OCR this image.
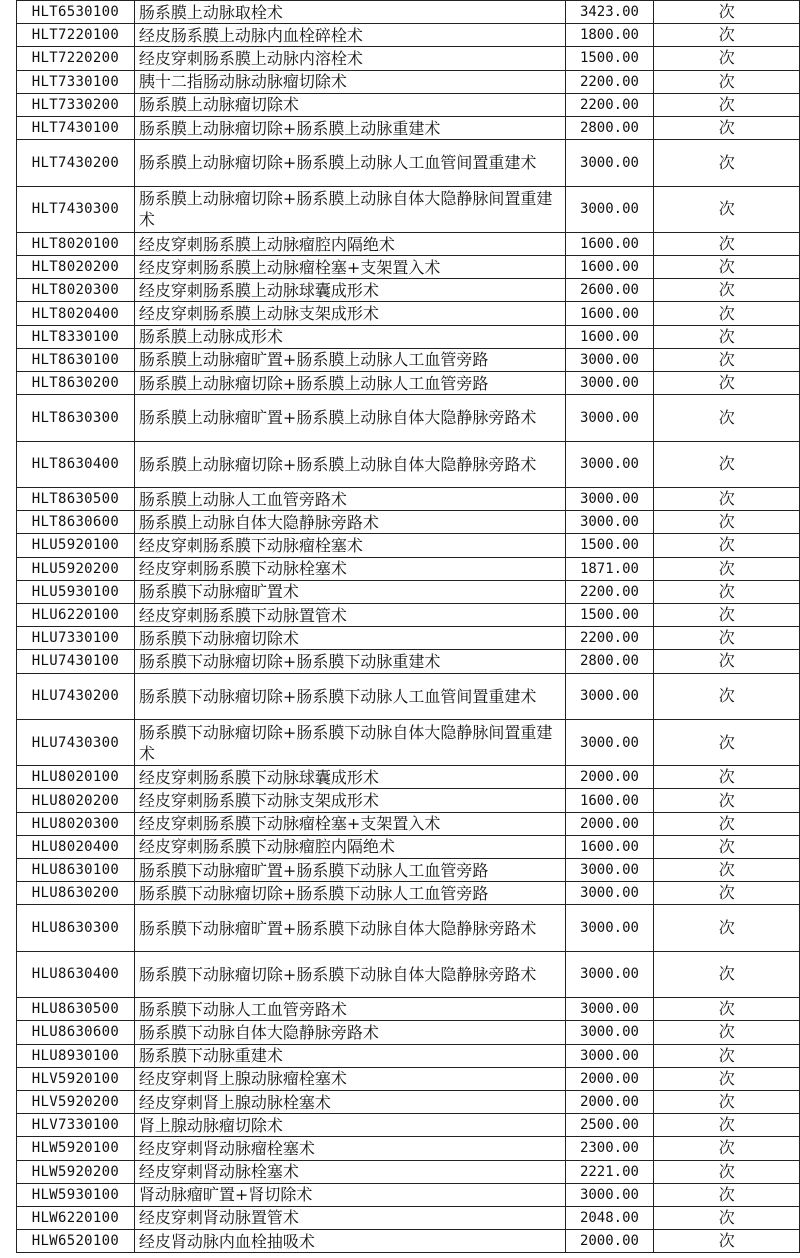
HLT6530100	肠系膜上动脉取栓术	3423.00	次
HLT7220100	经皮肠系膜上动脉内血栓碎栓术	1800.00	次
HLT7220200	经皮穿刺肠系膜上动脉内溶栓术	1500.00	次
HLT7330100	胰十二指肠动脉动脉瘤切除术	2200.00	次
HLT7330200	肠系膜上动脉瘤切除术	2200.00	次
HLT7430100	肠系膜上动脉瘤切除+肠系膜上动脉重建术	2800.00	次
HLT7430200	肠系膜上动脉瘤切除+肠系膜上动脉人工血管间置重建术	3000.00	次
HLT7430300	肠系膜上动脉瘤切除+肠系膜上动脉自体大隐静脉间置重建术	3000.00	次
HLT8020100	经皮穿刺肠系膜上动脉瘤腔内隔绝术	1600.00	次
HLT8020200	经皮穿刺肠系膜上动脉瘤栓塞+支架置入术	1600.00	次
HLT8020300	经皮穿刺肠系膜上动脉球囊成形术	2600.00	次
HLT8020400	经皮穿刺肠系膜上动脉支架成形术	1600.00	次
HLT8330100	肠系膜上动脉成形术	1600.00	次
HLT8630100	肠系膜上动脉瘤旷置+肠系膜上动脉人工血管旁路	3000.00	次
HLT8630200	肠系膜上动脉瘤切除+肠系膜上动脉人工血管旁路	3000.00	次
HLT8630300	肠系膜上动脉瘤旷置+肠系膜上动脉自体大隐静脉旁路术	3000.00	次
HLT8630400	肠系膜上动脉瘤切除+肠系膜上动脉自体大隐静脉旁路术	3000.00	次
HLT8630500	肠系膜上动脉人工血管旁路术	3000.00	次
HLT8630600	肠系膜上动脉自体大隐静脉旁路术	3000.00	次
HLU5920100	经皮穿刺肠系膜下动脉瘤栓塞术	1500.00	次
HLU5920200	经皮穿刺肠系膜下动脉栓塞术	1871.00	次
HLU5930100	肠系膜下动脉瘤旷置术	2200.00	次
HLU6220100	经皮穿刺肠系膜下动脉置管术	1500.00	次
HLU7330100	肠系膜下动脉瘤切除术	2200.00	次
HLU7430100	肠系膜下动脉瘤切除+肠系膜下动脉重建术	2800.00	次
HLU7430200	肠系膜下动脉瘤切除+肠系膜下动脉人工血管间置重建术	3000.00	次
HLU7430300	肠系膜下动脉瘤切除+肠系膜下动脉自体大隐静脉间置重建术	3000.00	次
HLU8020100	经皮穿刺肠系膜下动脉球囊成形术	2000.00	次
HLU8020200	经皮穿刺肠系膜下动脉支架成形术	1600.00	次
HLU8020300	经皮穿刺肠系膜下动脉瘤栓塞+支架置入术	2000.00	次
HLU8020400	经皮穿刺肠系膜下动脉瘤腔内隔绝术	1600.00	次
HLU8630100	肠系膜下动脉瘤旷置+肠系膜下动脉人工血管旁路	3000.00	次
HLU8630200	肠系膜下动脉瘤切除+肠系膜下动脉人工血管旁路	3000.00	次
HLU8630300	肠系膜下动脉瘤旷置+肠系膜下动脉自体大隐静脉旁路术	3000.00	次
HLU8630400	肠系膜下动脉瘤切除+肠系膜下动脉自体大隐静脉旁路术	3000.00	次
HLU8630500	肠系膜下动脉人工血管旁路术	3000.00	次
HLU8630600	肠系膜下动脉自体大隐静脉旁路术	3000.00	次
HLU8930100	肠系膜下动脉重建术	3000.00	次
HLV5920100	经皮穿刺肾上腺动脉瘤栓塞术	2000.00	次
HLV5920200	经皮穿刺肾上腺动脉栓塞术	2000.00	次
HLV7330100	肾上腺动脉瘤切除术	2500.00	次
HLW5920100	经皮穿刺肾动脉瘤栓塞术	2300.00	次
HLW5920200	经皮穿刺肾动脉栓塞术	2221.00	次
HLW5930100	肾动脉瘤旷置+肾切除术	3000.00	次
HLW6220100	经皮穿刺肾动脉置管术	2048.00	次
HLW6520100	经皮肾动脉内血栓抽吸术	2000.00	次
